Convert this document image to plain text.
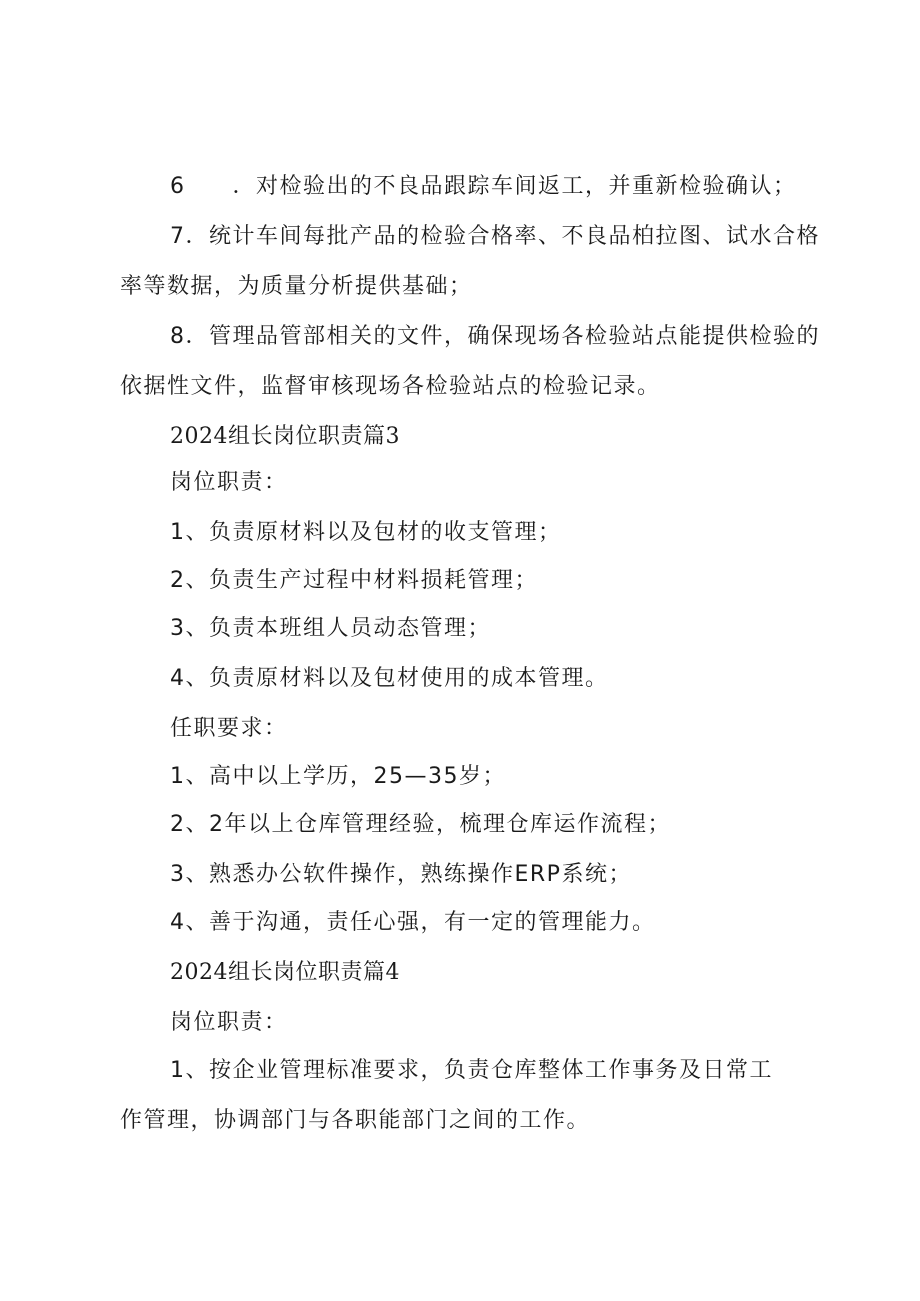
6　　．对检验出的不良品跟踪车间返工，并重新检验确认；
7．统计车间每批产品的检验合格率、不良品柏拉图、试水合格
率等数据，为质量分析提供基础；
8．管理品管部相关的文件，确保现场各检验站点能提供检验的
依据性文件，监督审核现场各检验站点的检验记录。
2024组长岗位职责篇3
岗位职责：
1、负责原材料以及包材的收支管理；
2、负责生产过程中材料损耗管理；
3、负责本班组人员动态管理；
4、负责原材料以及包材使用的成本管理。
任职要求：
1、高中以上学历，25—35岁；
2、2年以上仓库管理经验，梳理仓库运作流程；
3、熟悉办公软件操作，熟练操作ERP系统；
4、善于沟通，责任心强，有一定的管理能力。
2024组长岗位职责篇4
岗位职责：
1、按企业管理标准要求，负责仓库整体工作事务及日常工
作管理，协调部门与各职能部门之间的工作。
